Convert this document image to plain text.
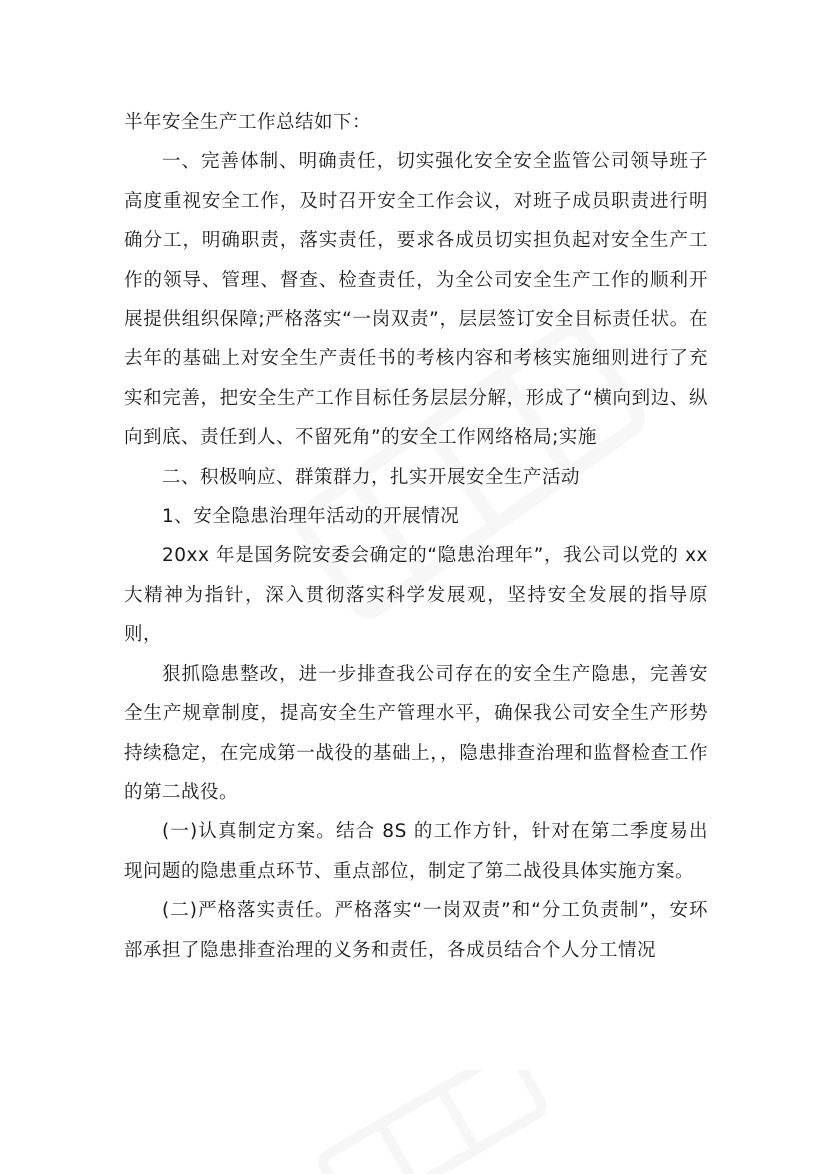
半年安全生产工作总结如下：

一、完善体制、明确责任，切实强化安全安全监管公司领导班子高度重视安全工作，及时召开安全工作会议，对班子成员职责进行明确分工，明确职责，落实责任，要求各成员切实担负起对安全生产工作的领导、管理、督查、检查责任，为全公司安全生产工作的顺利开展提供组织保障;严格落实“一岗双责”，层层签订安全目标责任状。在去年的基础上对安全生产责任书的考核内容和考核实施细则进行了充实和完善，把安全生产工作目标任务层层分解，形成了“横向到边、纵向到底、责任到人、不留死角”的安全工作网络格局;实施

二、积极响应、群策群力，扎实开展安全生产活动

1、安全隐患治理年活动的开展情况

20xx 年是国务院安委会确定的“隐患治理年”，我公司以党的 xx 大精神为指针，深入贯彻落实科学发展观，坚持安全发展的指导原则，

狠抓隐患整改，进一步排查我公司存在的安全生产隐患，完善安全生产规章制度，提高安全生产管理水平，确保我公司安全生产形势持续稳定，在完成第一战役的基础上，，隐患排查治理和监督检查工作的第二战役。

(一)认真制定方案。结合 8S 的工作方针，针对在第二季度易出现问题的隐患重点环节、重点部位，制定了第二战役具体实施方案。

(二)严格落实责任。严格落实“一岗双责”和“分工负责制”，安环部承担了隐患排查治理的义务和责任，各成员结合个人分工情况
